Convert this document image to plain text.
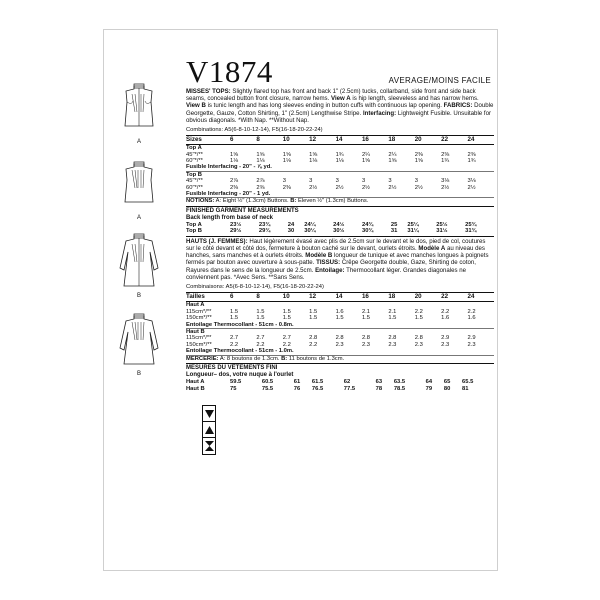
V1874	AVERAGE/MOINS FACILE
A
A
B
B
MISSES' TOPS: Slightly flared top has front and back 1" (2.5cm) tucks, collarband, side front and side back seams, concealed button front closure, narrow hems. View A is hip length, sleeveless and has narrow hems. View B is tunic length and has long sleeves ending in button cuffs with continuous lap opening. FABRICS: Double Georgette, Gauze, Cotton Shirting, 1" (2.5cm) Lengthwise Stripe. Interfacing: Lightweight Fusible. Unsuitable for obvious diagonals. *With Nap. **Without Nap.
Combinations: A5(6-8-10-12-14), F5(16-18-20-22-24)
Sizes	6	8	10	12	14	16	18	20	22	24
Top A										
45"*/**	1⅝	1⅝	1⅝	1⅝	1¾	2¼	2¼	2⅜	2⅜	2⅜
60"*/**	1⅛	1⅛	1⅛	1⅛	1⅛	1⅝	1⅝	1⅝	1¾	1¾
Fusible Interfacing - 20" - ⅞ yd.										
Top B										
45"*/**	2⅞	2⅞	3	3	3	3	3	3	3⅛	3⅛
60"*/**	2⅜	2⅜	2⅜	2½	2½	2½	2½	2½	2½	2½
Fusible Interfacing - 20" - 1 yd.										
NOTIONS: A: Eight ½" (1.3cm) Buttons. B: Eleven ½" (1.3cm) Buttons.
FINISHED GARMENT MEASUREMENTS
Back length from base of neck
Top A	23½	23¾	24	24¼	24½	24¾	25	25¼	25½	25¾
Top B	29½	29¾	30	30¼	30½	30¾	31	31¼	31½	31¾
HAUTS (J. FEMMES): Haut légèrement évasé avec plis de 2.5cm sur le devant et le dos, pied de col, coutures sur le côté devant et côté dos, fermeture à bouton caché sur le devant, ourlets étroits. Modèle A au niveau des hanches, sans manches et à ourlets étroits. Modèle B longueur de tunique et avec manches longues à poignets fermés par bouton avec ouverture à sous-patte. TISSUS: Crêpe Georgette double, Gaze, Shirting de coton, Rayures dans le sens de la longueur de 2.5cm. Entoilage: Thermocollant léger. Grandes diagonales ne conviennent pas. *Avec Sens. **Sans Sens.
Combinaisons: A5(6-8-10-12-14), F5(16-18-20-22-24)
Tailles	6	8	10	12	14	16	18	20	22	24
Haut A										
115cm*/**	1.5	1.5	1.5	1.5	1.6	2.1	2.1	2.2	2.2	2.2
150cm*/**	1.5	1.5	1.5	1.5	1.5	1.5	1.5	1.5	1.6	1.6
Entoilage Thermocollant - 51cm - 0.8m.										
Haut B										
115cm*/**	2.7	2.7	2.7	2.8	2.8	2.8	2.8	2.8	2.9	2.9
150cm*/**	2.2	2.2	2.2	2.2	2.3	2.3	2.3	2.3	2.3	2.3
Entoilage Thermocollant - 51cm - 1.0m.										
MERCERIE: A: 8 boutons de 1.3cm. B: 11 boutons de 1.3cm.
MESURES DU VÊTEMENTS FINI
Longueur– dos, votre nuque à l'ourlet
Haut A	59.5	60.5	61	61.5	62	63	63.5	64	65	65.5
Haut B	75	75.5	76	76.5	77.5	78	78.5	79	80	81
